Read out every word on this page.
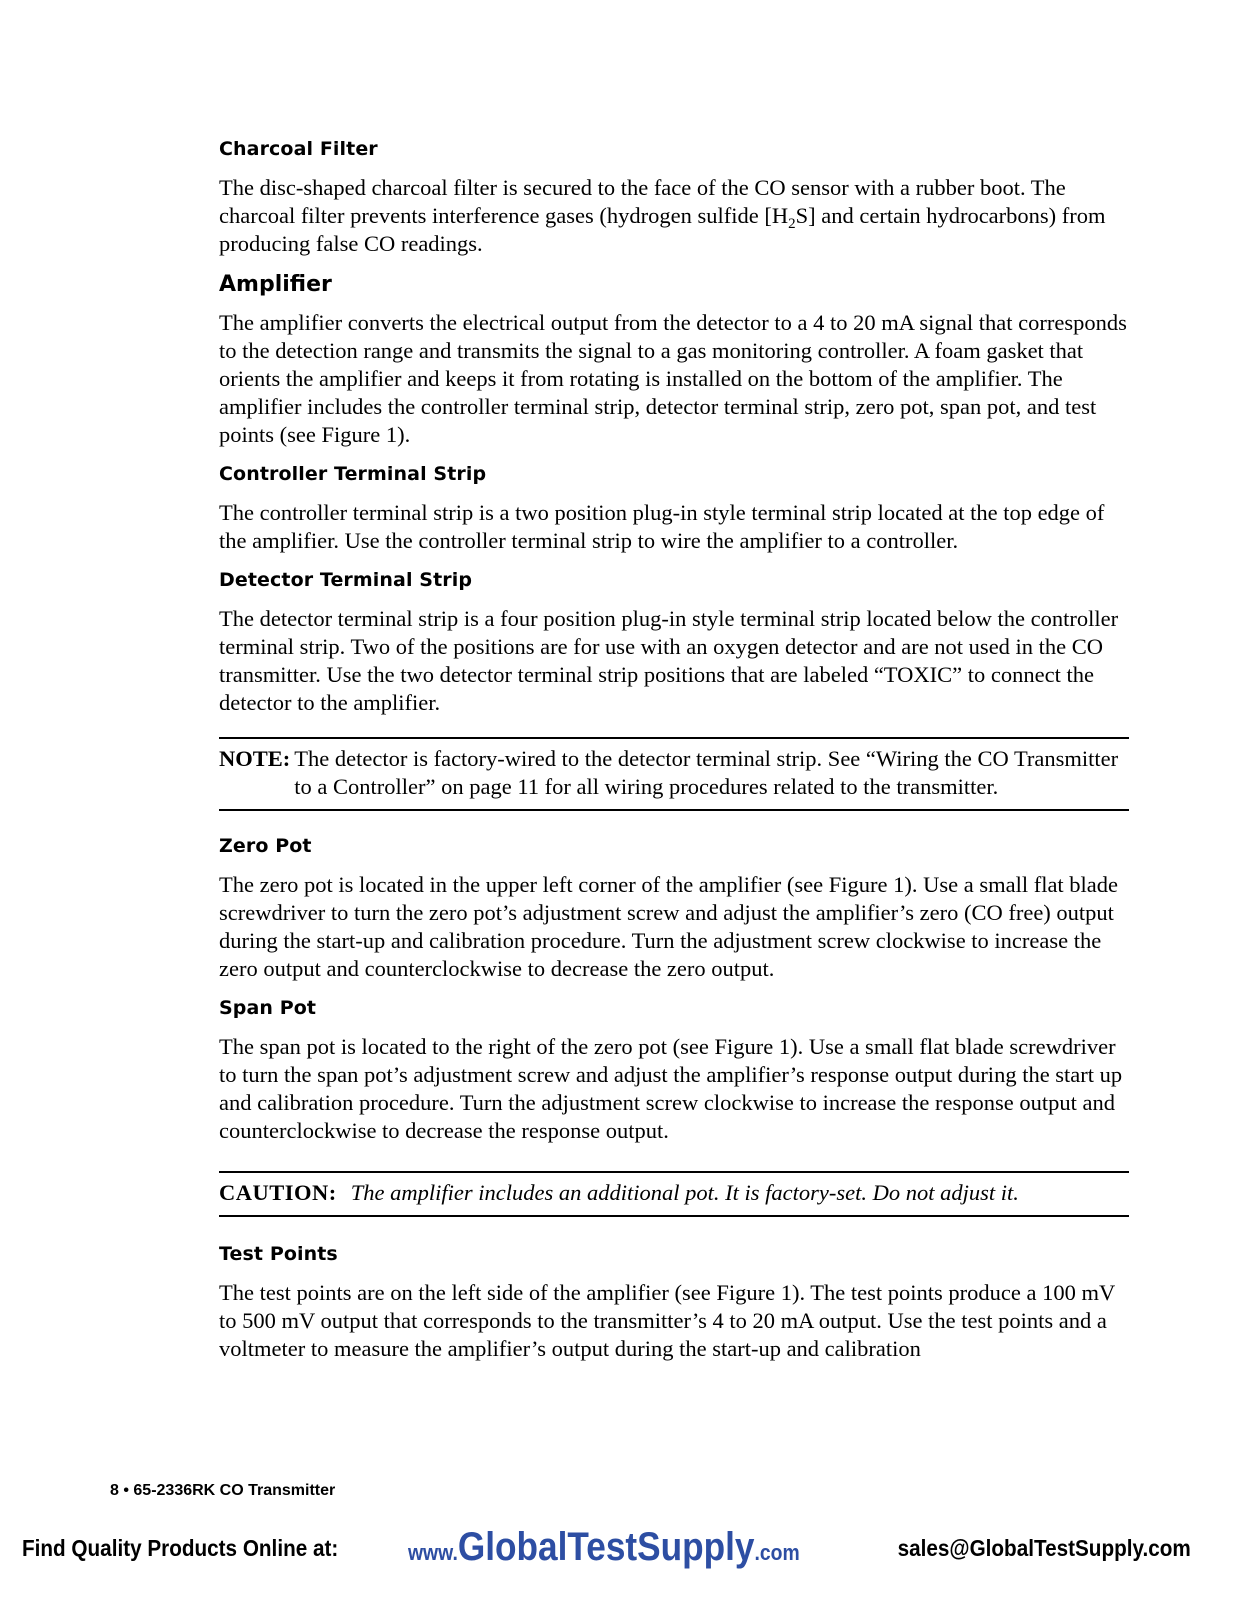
Charcoal Filter

The disc-shaped charcoal filter is secured to the face of the CO sensor with a rubber boot. The charcoal filter prevents interference gases (hydrogen sulfide $[H_2S]$ and certain hydrocarbons) from producing false CO readings.

Amplifier

The amplifier converts the electrical output from the detector to a 4 to 20 mA signal that corresponds to the detection range and transmits the signal to a gas monitoring controller. A foam gasket that orients the amplifier and keeps it from rotating is installed on the bottom of the amplifier. The amplifier includes the controller terminal strip, detector terminal strip, zero pot, span pot, and test points (see Figure 1).

Controller Terminal Strip

The controller terminal strip is a two position plug-in style terminal strip located at the top edge of the amplifier. Use the controller terminal strip to wire the amplifier to a controller.

Detector Terminal Strip

The detector terminal strip is a four position plug-in style terminal strip located below the controller terminal strip. Two of the positions are for use with an oxygen detector and are not used in the CO transmitter. Use the two detector terminal strip positions that are labeled “TOXIC” to connect the detector to the amplifier.

NOTE: The detector is factory-wired to the detector terminal strip. See “Wiring the CO Transmitter to a Controller” on page 11 for all wiring procedures related to the transmitter.
Zero Pot

The zero pot is located in the upper left corner of the amplifier (see Figure 1). Use a small flat blade screwdriver to turn the zero pot’s adjustment screw and adjust the amplifier’s zero (CO free) output during the start-up and calibration procedure. Turn the adjustment screw clockwise to increase the zero output and counterclockwise to decrease the zero output.

Span Pot

The span pot is located to the right of the zero pot (see Figure 1). Use a small flat blade screwdriver to turn the span pot’s adjustment screw and adjust the amplifier’s response output during the start up and calibration procedure. Turn the adjustment screw clockwise to increase the response output and counterclockwise to decrease the response output.

CAUTION: The amplifier includes an additional pot. It is factory-set. Do not adjust it.
Test Points

The test points are on the left side of the amplifier (see Figure 1). The test points produce a 100 mV to 500 mV output that corresponds to the transmitter’s 4 to 20 mA output. Use the test points and a voltmeter to measure the amplifier’s output during the start-up and calibration

8 • 65-2336RK CO Transmitter
Find Quality Products Online at:	www.GlobalTestSupply.com	sales@GlobalTestSupply.com
